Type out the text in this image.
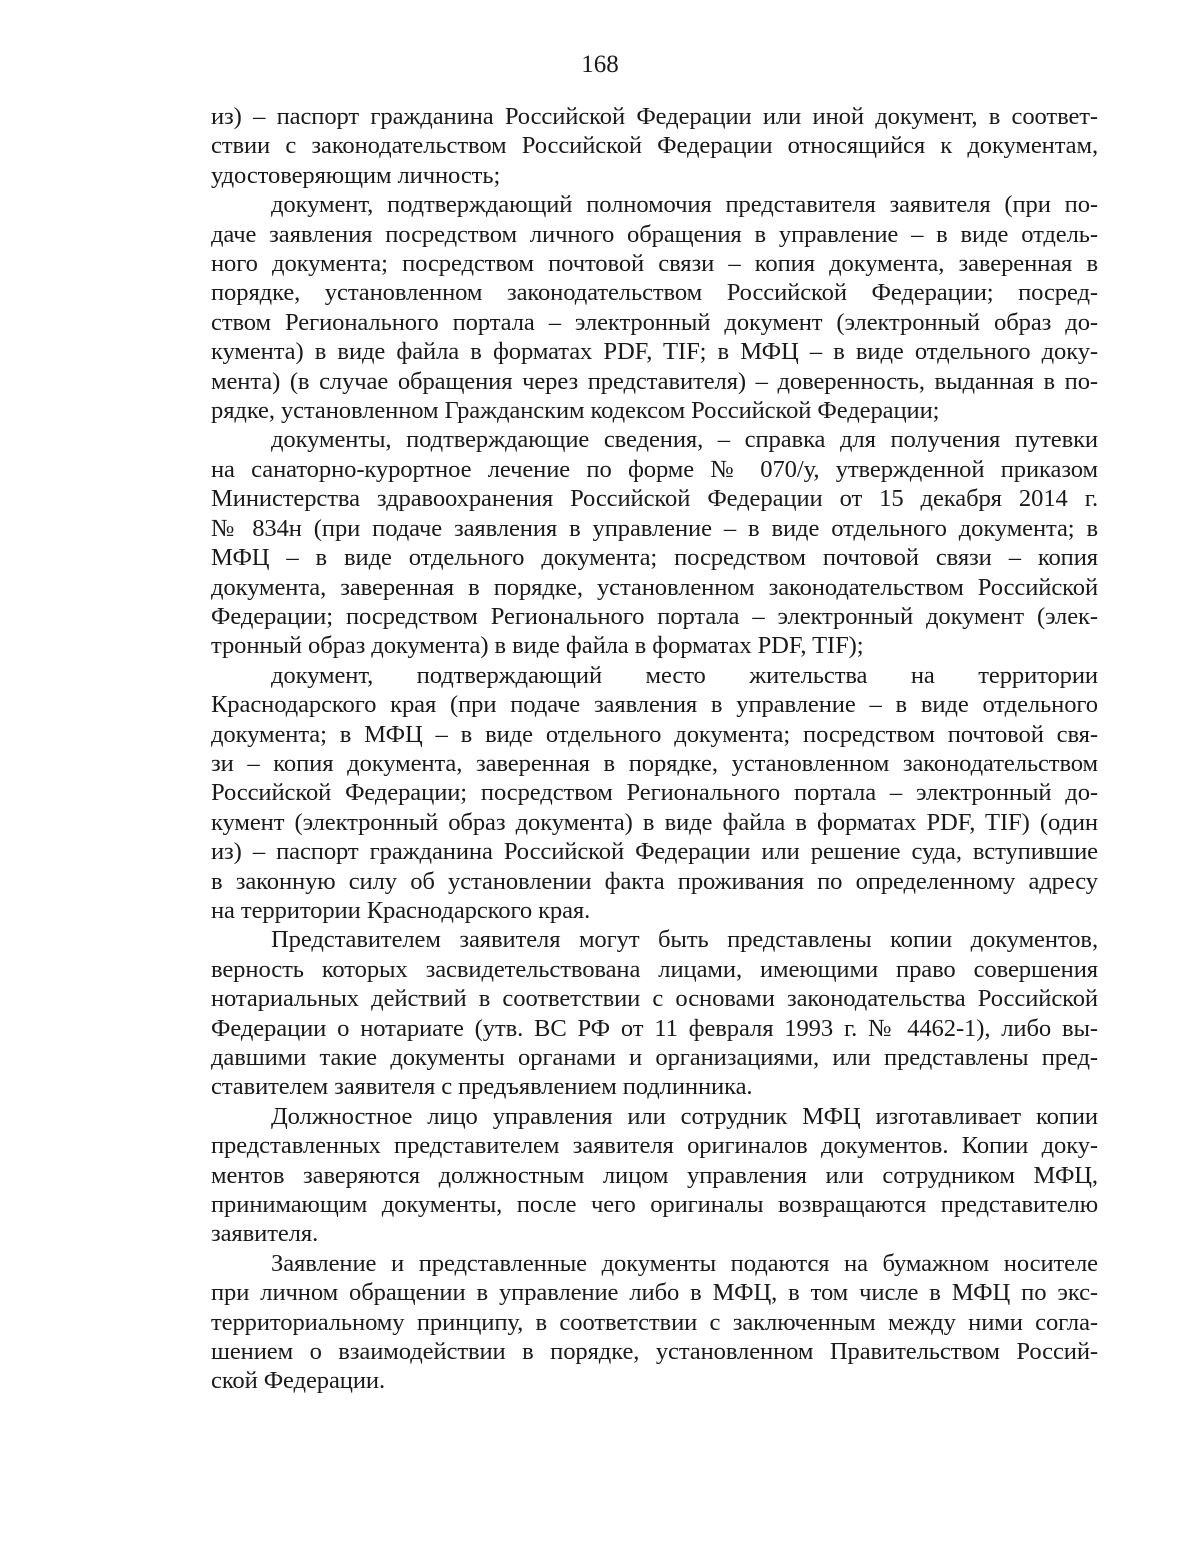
168

из) – паспорт гражданина Российской Федерации или иной документ, в соответ-
ствии с законодательством Российской Федерации относящийся к документам,
удостоверяющим личность;

документ, подтверждающий полномочия представителя заявителя (при по-
даче заявления посредством личного обращения в управление – в виде отдель-
ного документа; посредством почтовой связи – копия документа, заверенная в
порядке, установленном законодательством Российской Федерации; посред-
ством Регионального портала – электронный документ (электронный образ до-
кумента) в виде файла в форматах PDF, TIF; в МФЦ – в виде отдельного доку-
мента) (в случае обращения через представителя) – доверенность, выданная в по-
рядке, установленном Гражданским кодексом Российской Федерации;

документы, подтверждающие сведения, – справка для получения путевки
на санаторно-курортное лечение по форме № 070/у, утвержденной приказом
Министерства здравоохранения Российской Федерации от 15 декабря 2014 г.
№ 834н (при подаче заявления в управление – в виде отдельного документа; в
МФЦ – в виде отдельного документа; посредством почтовой связи – копия
документа, заверенная в порядке, установленном законодательством Российской
Федерации; посредством Регионального портала – электронный документ (элек-
тронный образ документа) в виде файла в форматах PDF, TIF);

документ, подтверждающий место жительства на территории
Краснодарского края (при подаче заявления в управление – в виде отдельного
документа; в МФЦ – в виде отдельного документа; посредством почтовой свя-
зи – копия документа, заверенная в порядке, установленном законодательством
Российской Федерации; посредством Регионального портала – электронный до-
кумент (электронный образ документа) в виде файла в форматах PDF, TIF) (один
из) – паспорт гражданина Российской Федерации или решение суда, вступившие
в законную силу об установлении факта проживания по определенному адресу
на территории Краснодарского края.

Представителем заявителя могут быть представлены копии документов,
верность которых засвидетельствована лицами, имеющими право совершения
нотариальных действий в соответствии с основами законодательства Российской
Федерации о нотариате (утв. ВС РФ от 11 февраля 1993 г. № 4462-1), либо вы-
давшими такие документы органами и организациями, или представлены пред-
ставителем заявителя с предъявлением подлинника.

Должностное лицо управления или сотрудник МФЦ изготавливает копии
представленных представителем заявителя оригиналов документов. Копии доку-
ментов заверяются должностным лицом управления или сотрудником МФЦ,
принимающим документы, после чего оригиналы возвращаются представителю
заявителя.

Заявление и представленные документы подаются на бумажном носителе
при личном обращении в управление либо в МФЦ, в том числе в МФЦ по экс-
территориальному принципу, в соответствии с заключенным между ними согла-
шением о взаимодействии в порядке, установленном Правительством Россий-
ской Федерации.
